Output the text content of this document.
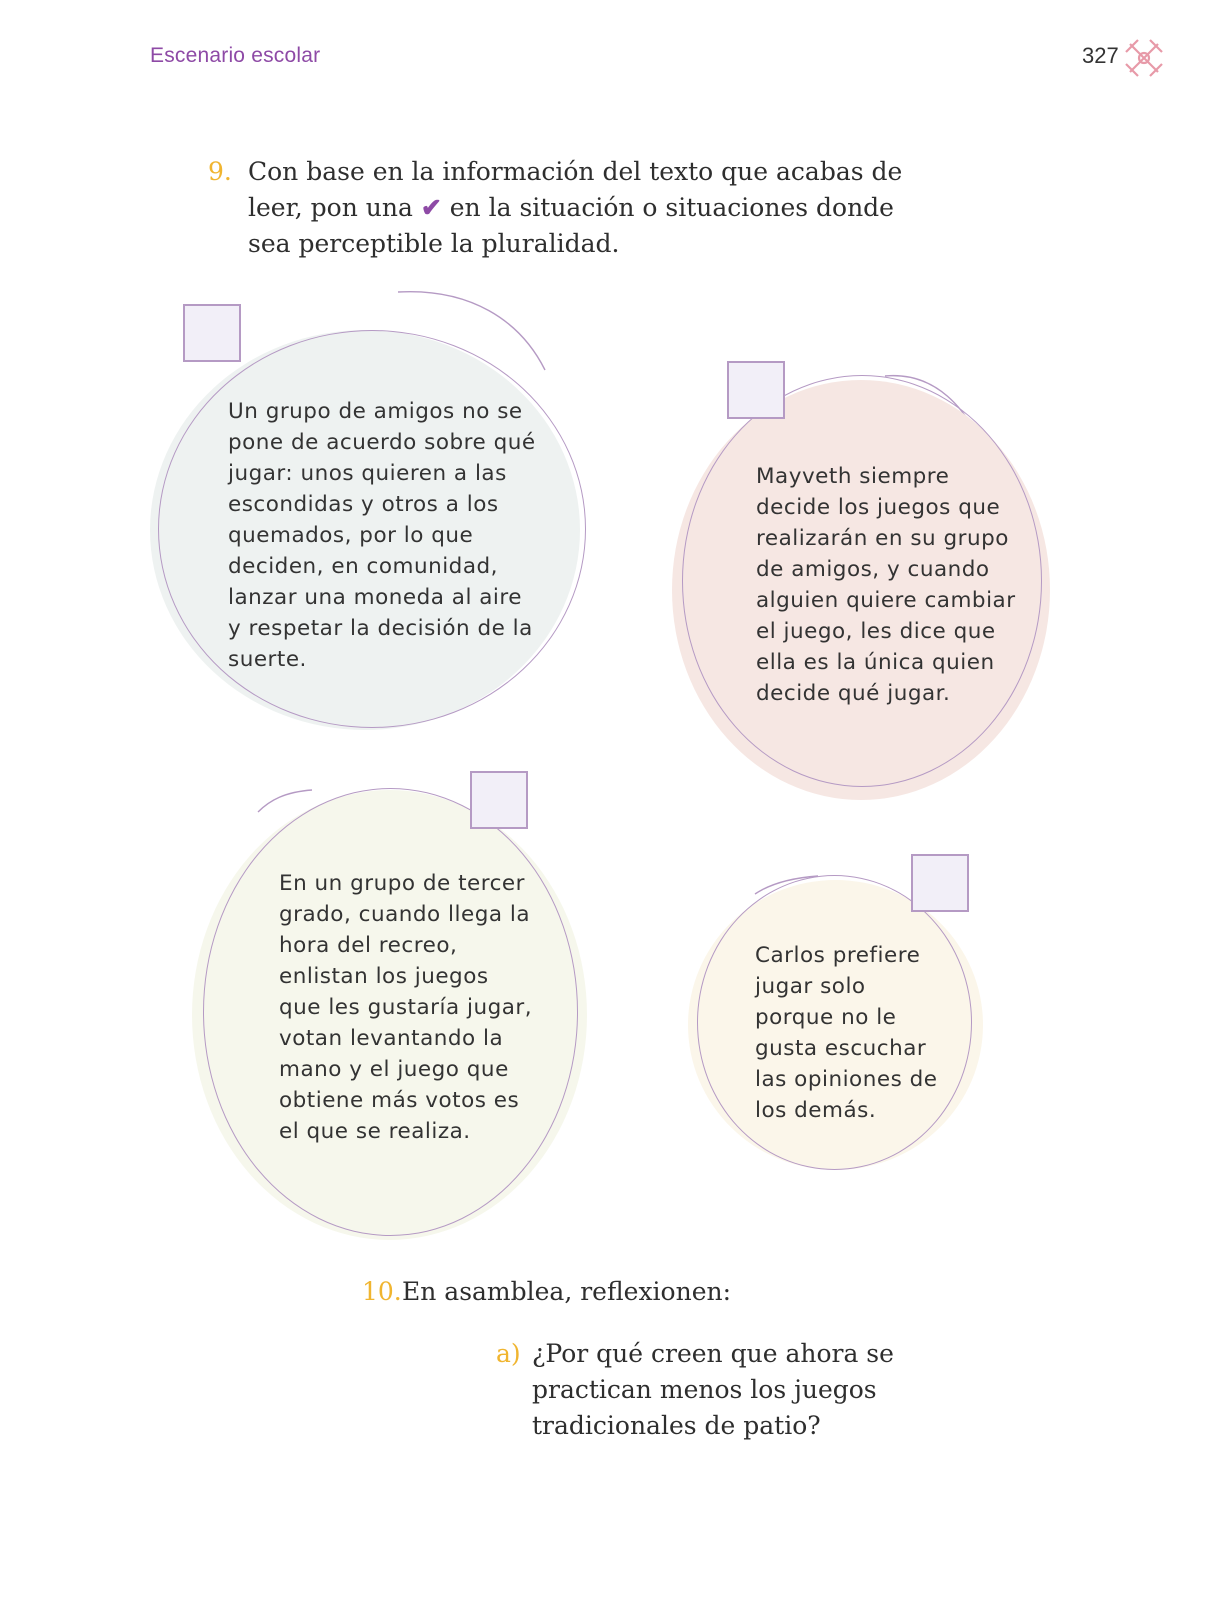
Escenario escolar	327
9. Con base en la información del texto que acabas de leer, pon una ✔ en la situación o situaciones donde sea perceptible la pluralidad.
Un grupo de amigos no se pone de acuerdo sobre qué jugar: unos quieren a las escondidas y otros a los quemados, por lo que deciden, en comunidad, lanzar una moneda al aire y respetar la decisión de la suerte.
Mayveth siempre decide los juegos que realizarán en su grupo de amigos, y cuando alguien quiere cambiar el juego, les dice que ella es la única quien decide qué jugar.
En un grupo de tercer grado, cuando llega la hora del recreo, enlistan los juegos que les gustaría jugar, votan levantando la mano y el juego que obtiene más votos es el que se realiza.
Carlos prefiere jugar solo porque no le gusta escuchar las opiniones de los demás.
10. En asamblea, reflexionen:
a) ¿Por qué creen que ahora se practican menos los juegos tradicionales de patio?
